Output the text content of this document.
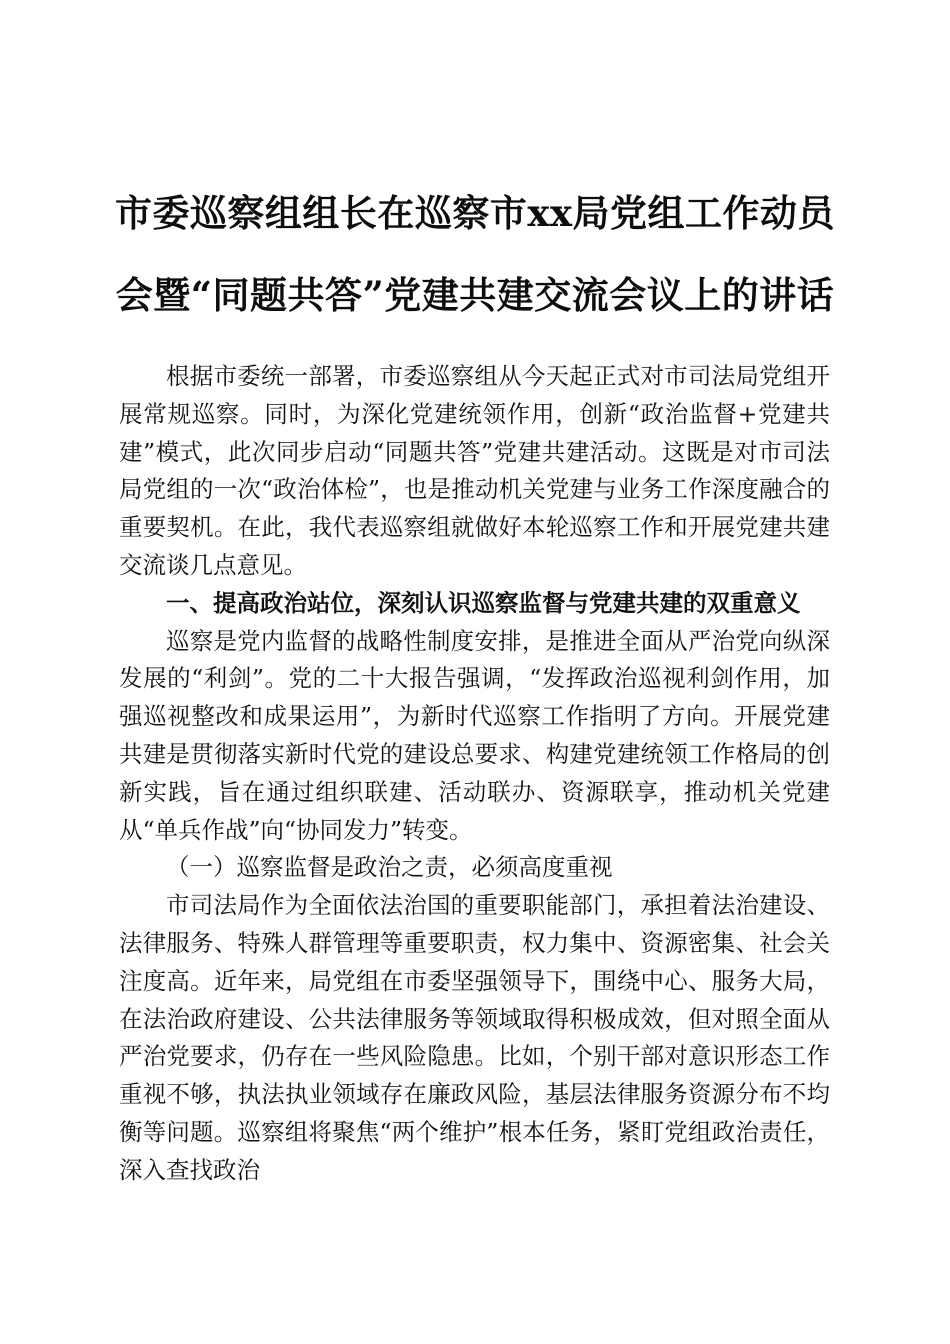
市委巡察组组长在巡察市xx局党组工作动员
会暨“同题共答”党建共建交流会议上的讲话

根据市委统一部署，市委巡察组从今天起正式对市司法局党组开展常规巡察。同时，为深化党建统领作用，创新“政治监督+党建共建”模式，此次同步启动“同题共答”党建共建活动。这既是对市司法局党组的一次“政治体检”，也是推动机关党建与业务工作深度融合的重要契机。在此，我代表巡察组就做好本轮巡察工作和开展党建共建交流谈几点意见。

一、提高政治站位，深刻认识巡察监督与党建共建的双重意义

巡察是党内监督的战略性制度安排，是推进全面从严治党向纵深发展的“利剑”。党的二十大报告强调，“发挥政治巡视利剑作用，加强巡视整改和成果运用”，为新时代巡察工作指明了方向。开展党建共建是贯彻落实新时代党的建设总要求、构建党建统领工作格局的创新实践，旨在通过组织联建、活动联办、资源联享，推动机关党建从“单兵作战”向“协同发力”转变。

（一）巡察监督是政治之责，必须高度重视

市司法局作为全面依法治国的重要职能部门，承担着法治建设、法律服务、特殊人群管理等重要职责，权力集中、资源密集、社会关注度高。近年来，局党组在市委坚强领导下，围绕中心、服务大局，在法治政府建设、公共法律服务等领域取得积极成效，但对照全面从严治党要求，仍存在一些风险隐患。比如，个别干部对意识形态工作重视不够，执法执业领域存在廉政风险，基层法律服务资源分布不均衡等问题。巡察组将聚焦“两个维护”根本任务，紧盯党组政治责任，深入查找政治
